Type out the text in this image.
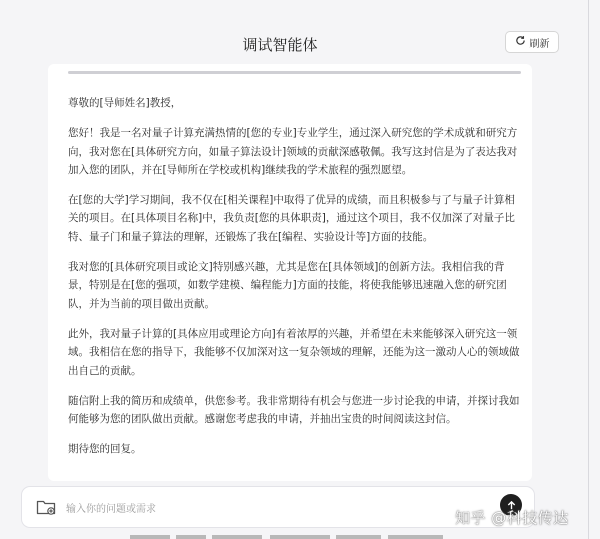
调试智能体	刷新

尊敬的[导师姓名]教授，

您好！我是一名对量子计算充满热情的[您的专业]专业学生，通过深入研究您的学术成就和研究方向，我对您在[具体研究方向，如量子算法设计]领域的贡献深感敬佩。我写这封信是为了表达我对加入您的团队，并在[导师所在学校或机构]继续我的学术旅程的强烈愿望。

在[您的大学]学习期间，我不仅在[相关课程]中取得了优异的成绩，而且积极参与了与量子计算相关的项目。在[具体项目名称]中，我负责[您的具体职责]，通过这个项目，我不仅加深了对量子比特、量子门和量子算法的理解，还锻炼了我在[编程、实验设计等]方面的技能。

我对您的[具体研究项目或论文]特别感兴趣，尤其是您在[具体领域]的创新方法。我相信我的背景，特别是在[您的强项，如数学建模、编程能力]方面的技能，将使我能够迅速融入您的研究团队，并为当前的项目做出贡献。

此外，我对量子计算的[具体应用或理论方向]有着浓厚的兴趣，并希望在未来能够深入研究这一领域。我相信在您的指导下，我能够不仅加深对这一复杂领域的理解，还能为这一激动人心的领域做出自己的贡献。

随信附上我的简历和成绩单，供您参考。我非常期待有机会与您进一步讨论我的申请，并探讨我如何能够为您的团队做出贡献。感谢您考虑我的申请，并抽出宝贵的时间阅读这封信。

期待您的回复。

输入你的问题或需求	知乎 @科技传达
